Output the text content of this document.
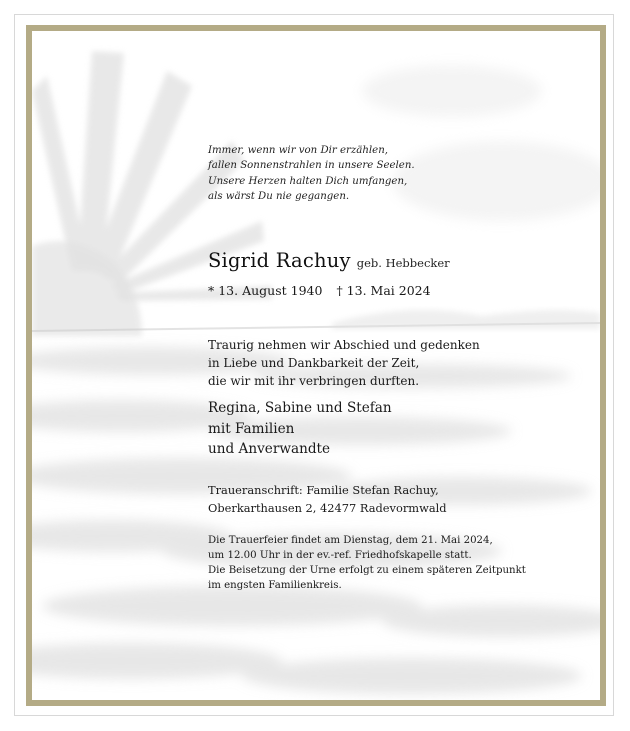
Immer, wenn wir von Dir erzählen,
fallen Sonnenstrahlen in unsere Seelen.
Unsere Herzen halten Dich umfangen,
als wärst Du nie gegangen.
Sigrid Rachuy geb. Hebbecker
* 13. August 1940 † 13. Mai 2024
Traurig nehmen wir Abschied und gedenken
in Liebe und Dankbarkeit der Zeit,
die wir mit ihr verbringen durften.
Regina, Sabine und Stefan
mit Familien
und Anverwandte
Traueranschrift: Familie Stefan Rachuy,
Oberkarthausen 2, 42477 Radevormwald
Die Trauerfeier findet am Dienstag, dem 21. Mai 2024,
um 12.00 Uhr in der ev.-ref. Friedhofskapelle statt.
Die Beisetzung der Urne erfolgt zu einem späteren Zeitpunkt
im engsten Familienkreis.
